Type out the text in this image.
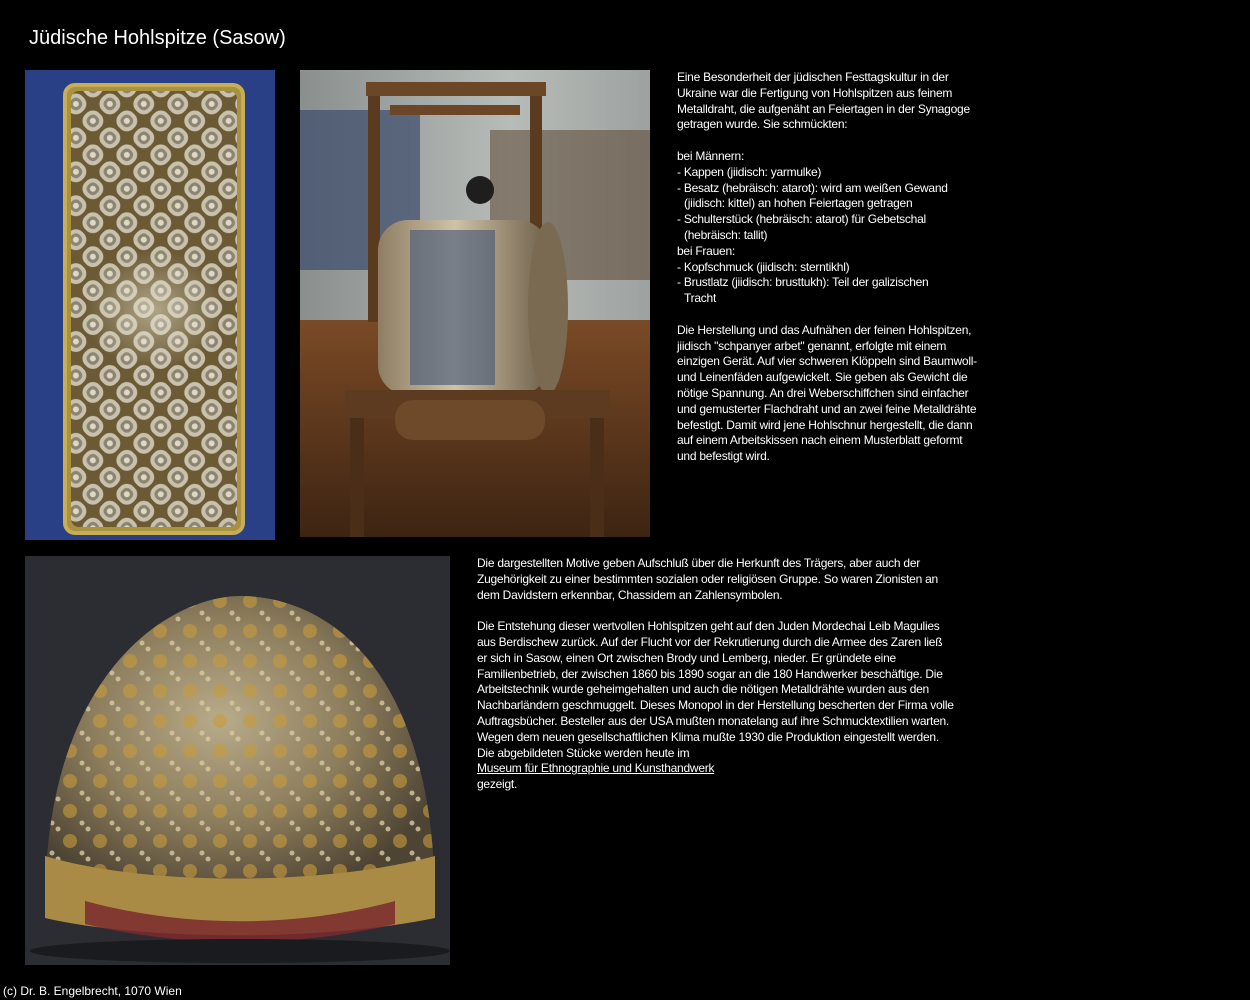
Jüdische Hohlspitze (Sasow)

Eine Besonderheit der jüdischen Festtagskultur in der

Ukraine war die Fertigung von Hohlspitzen aus feinem

Metalldraht, die aufgenäht an Feiertagen in der Synagoge

getragen wurde. Sie schmückten:

bei Männern:

- Kappen (jiidisch: yarmulke)

- Besatz (hebräisch: atarot): wird am weißen Gewand

(jiidisch: kittel) an hohen Feiertagen getragen

- Schulterstück (hebräisch: atarot) für Gebetschal

(hebräisch: tallit)

bei Frauen:

- Kopfschmuck (jiidisch: sterntikhl)

- Brustlatz (jiidisch: brusttukh): Teil der galizischen

Tracht

Die Herstellung und das Aufnähen der feinen Hohlspitzen,

jiidisch "schpanyer arbet" genannt, erfolgte mit einem

einzigen Gerät. Auf vier schweren Klöppeln sind Baumwoll-

und Leinenfäden aufgewickelt. Sie geben als Gewicht die

nötige Spannung. An drei Weberschiffchen sind einfacher

und gemusterter Flachdraht und an zwei feine Metalldrähte

befestigt. Damit wird jene Hohlschnur hergestellt, die dann

auf einem Arbeitskissen nach einem Musterblatt geformt

und befestigt wird.

Die dargestellten Motive geben Aufschluß über die Herkunft des Trägers, aber auch der

Zugehörigkeit zu einer bestimmten sozialen oder religiösen Gruppe. So waren Zionisten an

dem Davidstern erkennbar, Chassidem an Zahlensymbolen.

Die Entstehung dieser wertvollen Hohlspitzen geht auf den Juden Mordechai Leib Magulies

aus Berdischew zurück. Auf der Flucht vor der Rekrutierung durch die Armee des Zaren ließ

er sich in Sasow, einen Ort zwischen Brody und Lemberg, nieder. Er gründete eine

Familienbetrieb, der zwischen 1860 bis 1890 sogar an die 180 Handwerker beschäftige. Die

Arbeitstechnik wurde geheimgehalten und auch die nötigen Metalldrähte wurden aus den

Nachbarländern geschmuggelt. Dieses Monopol in der Herstellung bescherten der Firma volle

Auftragsbücher. Besteller aus der USA mußten monatelang auf ihre Schmucktextilien warten.

Wegen dem neuen gesellschaftlichen Klima mußte 1930 die Produktion eingestellt werden.

Die abgebildeten Stücke werden heute im

Museum für Ethnographie und Kunsthandwerk

gezeigt.

(c) Dr. B. Engelbrecht, 1070 Wien
